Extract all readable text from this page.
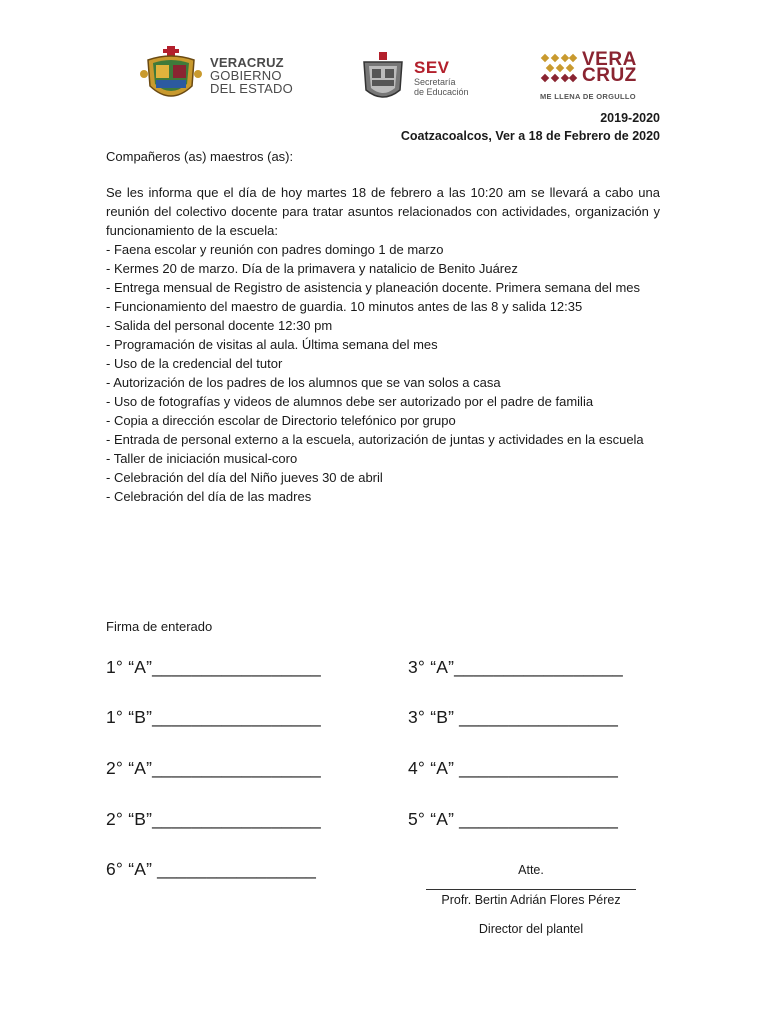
VERACRUZ
GOBIERNO
DEL ESTADO
SEV
Secretaría
de Educación
VERA
CRUZ
ME LLENA DE ORGULLO
2019-2020
Coatzacoalcos, Ver a 18 de Febrero de 2020
Compañeros (as) maestros (as):
Se les informa que el día de hoy martes 18 de febrero a las 10:20 am se llevará a cabo una reunión del colectivo docente para tratar asuntos relacionados con actividades, organización y funcionamiento de la escuela:
- Faena escolar y reunión con padres domingo 1 de marzo
- Kermes 20 de marzo. Día de la primavera y natalicio de Benito Juárez
- Entrega mensual de Registro de asistencia y planeación docente. Primera semana del mes
- Funcionamiento del maestro de guardia. 10 minutos antes de las 8 y salida 12:35
- Salida del personal docente 12:30 pm
- Programación de visitas al aula. Última semana del mes
- Uso de la credencial del tutor
- Autorización de los padres de los alumnos que se van solos a casa
- Uso de fotografías y videos de alumnos debe ser autorizado por el padre de familia
- Copia a dirección escolar de Directorio telefónico por grupo
- Entrada de personal externo a la escuela, autorización de juntas y actividades en la escuela
- Taller de iniciación musical-coro
- Celebración del día del Niño jueves 30 de abril
- Celebración del día de las madres
Firma de enterado
1° “A”_________________
1° “B”_________________
2° “A”_________________
2° “B”_________________
6° “A” ________________
3° “A”_________________
3° “B” ________________
4° “A” ________________
5° “A” ________________
Atte.
Profr. Bertin Adrián Flores Pérez
Director del plantel
